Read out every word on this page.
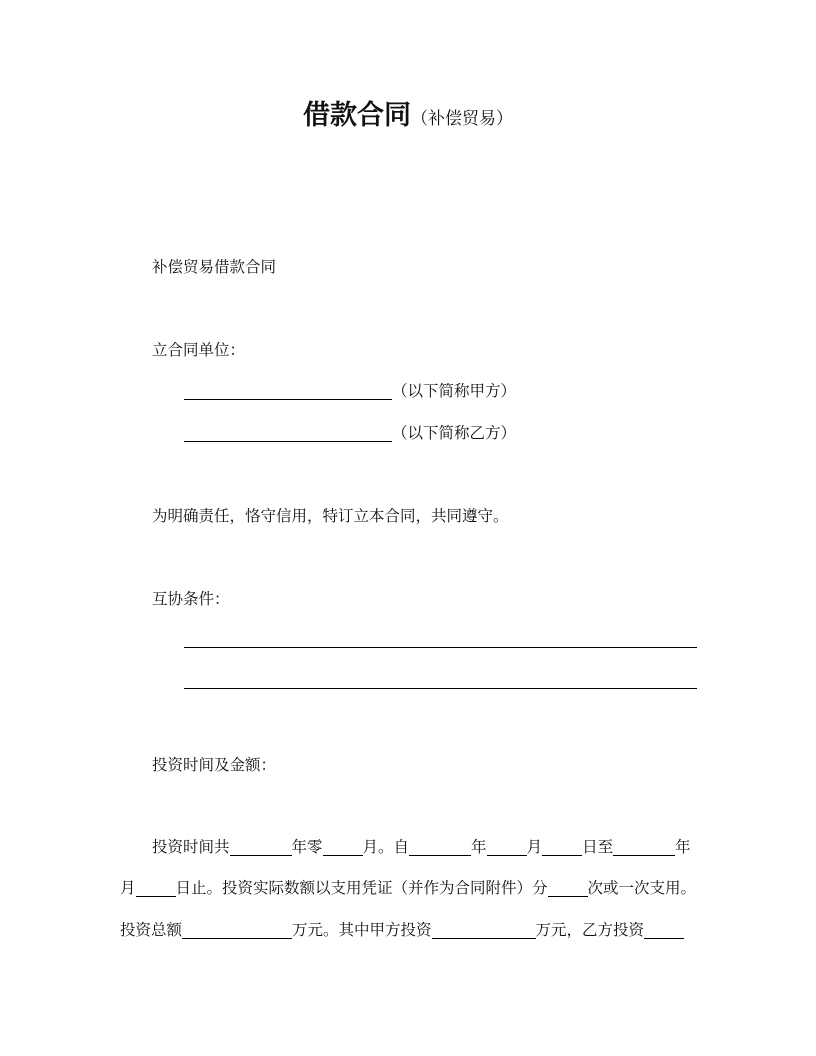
借款合同（补偿贸易）
补偿贸易借款合同
立合同单位：
（以下简称甲方）
（以下简称乙方）
为明确责任，恪守信用，特订立本合同，共同遵守。
互协条件：
投资时间及金额：
投资时间共	年零	月。自	年	月	日至	年
月	日止。投资实际数额以支用凭证（并作为合同附件）分	次或一次支用。
投资总额	万元。其中甲方投资	万元，乙方投资
